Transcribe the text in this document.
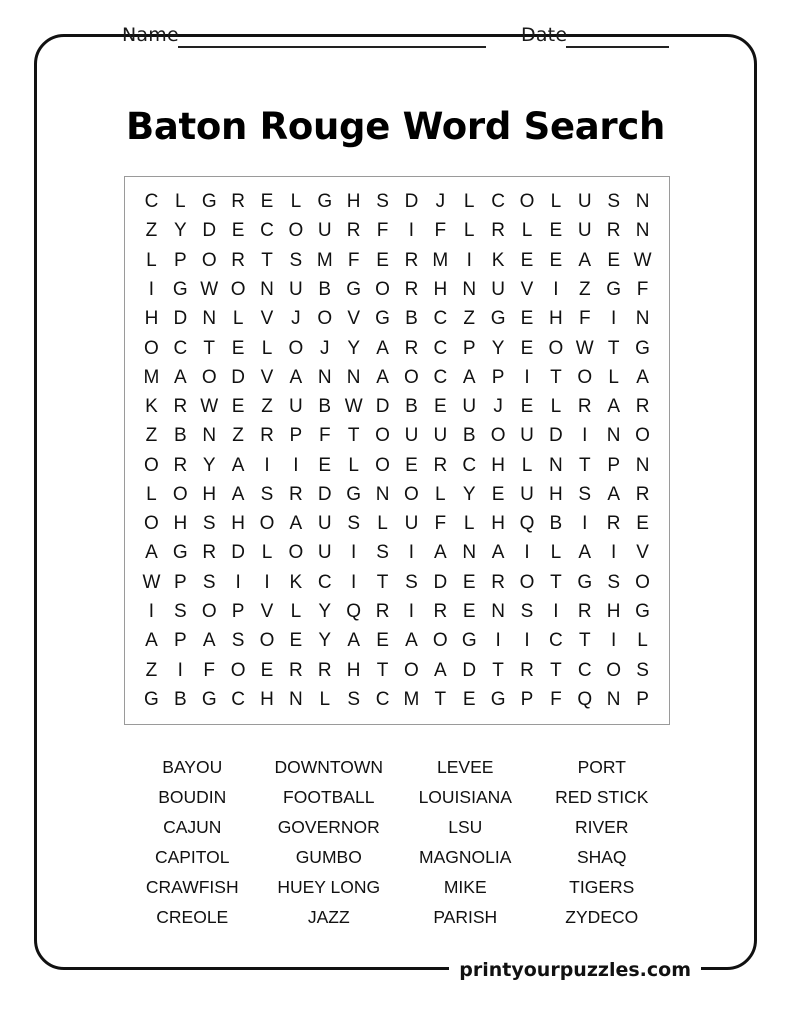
Name	Date
Baton Rouge Word Search
C L G R E L G H S D J L C O L U S N
Z Y D E C O U R F I F L R L E U R N
L P O R T S M F E R M I K E E A E W
I G W O N U B G O R H N U V I Z G F
H D N L V J O V G B C Z G E H F I N
O C T E L O J Y A R C P Y E O W T G
M A O D V A N N A O C A P I T O L A
K R W E Z U B W D B E U J E L R A R
Z B N Z R P F T O U U B O U D I N O
O R Y A I I E L O E R C H L N T P N
L O H A S R D G N O L Y E U H S A R
O H S H O A U S L U F L H Q B I R E
A G R D L O U I S I A N A I L A I V
W P S I I K C I T S D E R O T G S O
I S O P V L Y Q R I R E N S I R H G
A P A S O E Y A E A O G I I C T I L
Z I F O E R R H T O A D T R T C O S
G B G C H N L S C M T E G P F Q N P
BAYOU
BOUDIN
CAJUN
CAPITOL
CRAWFISH
CREOLE
DOWNTOWN
FOOTBALL
GOVERNOR
GUMBO
HUEY LONG
JAZZ
LEVEE
LOUISIANA
LSU
MAGNOLIA
MIKE
PARISH
PORT
RED STICK
RIVER
SHAQ
TIGERS
ZYDECO
printyourpuzzles.com
